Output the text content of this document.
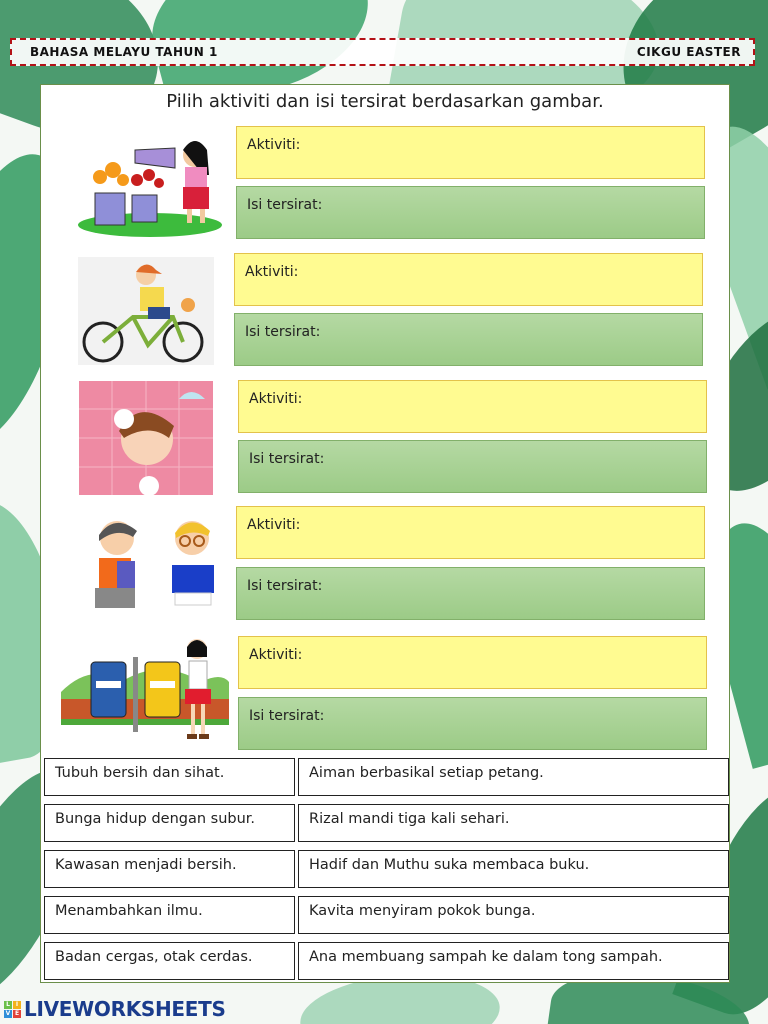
BAHASA MELAYU TAHUN 1	CIKGU EASTER
Pilih aktiviti dan isi tersirat berdasarkan gambar.
Aktiviti:
Isi tersirat:
Aktiviti:
Isi tersirat:
Aktiviti:
Isi tersirat:
Aktiviti:
Isi tersirat:
Aktiviti:
Isi tersirat:
Tubuh bersih dan sihat.
Bunga hidup dengan subur.
Kawasan menjadi bersih.
Menambahkan ilmu.
Badan cergas, otak cerdas.
Aiman berbasikal setiap petang.
Rizal mandi tiga kali sehari.
Hadif dan Muthu suka membaca buku.
Kavita menyiram pokok bunga.
Ana membuang sampah ke dalam tong sampah.
L I
V E LIVEWORKSHEETS
